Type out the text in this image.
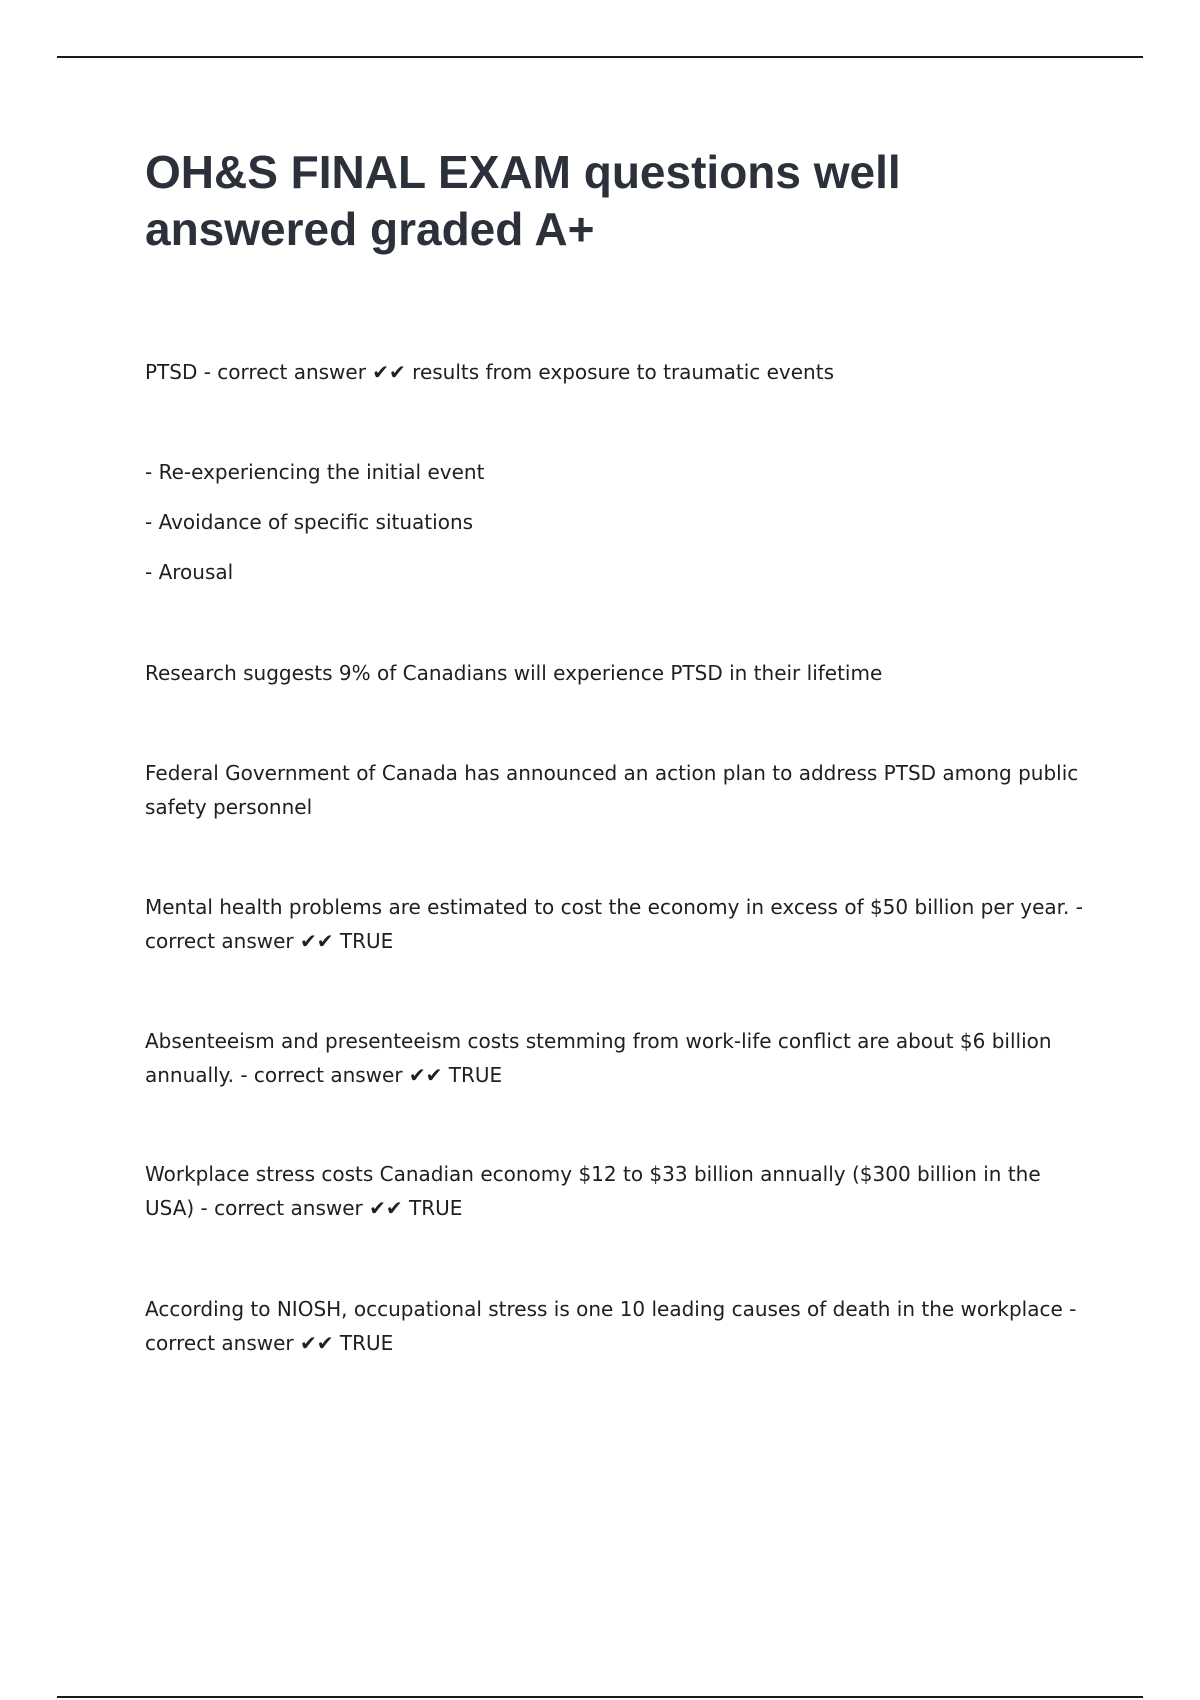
OH&S FINAL EXAM questions well answered graded A+

PTSD - correct answer ✔✔ results from exposure to traumatic events

- Re-experiencing the initial event

- Avoidance of specific situations

- Arousal

Research suggests 9% of Canadians will experience PTSD in their lifetime

Federal Government of Canada has announced an action plan to address PTSD among public safety personnel

Mental health problems are estimated to cost the economy in excess of $50 billion per year. - correct answer ✔✔ TRUE

Absenteeism and presenteeism costs stemming from work-life conflict are about $6 billion annually. - correct answer ✔✔ TRUE

Workplace stress costs Canadian economy $12 to $33 billion annually ($300 billion in the USA) - correct answer ✔✔ TRUE

According to NIOSH, occupational stress is one 10 leading causes of death in the workplace - correct answer ✔✔ TRUE
